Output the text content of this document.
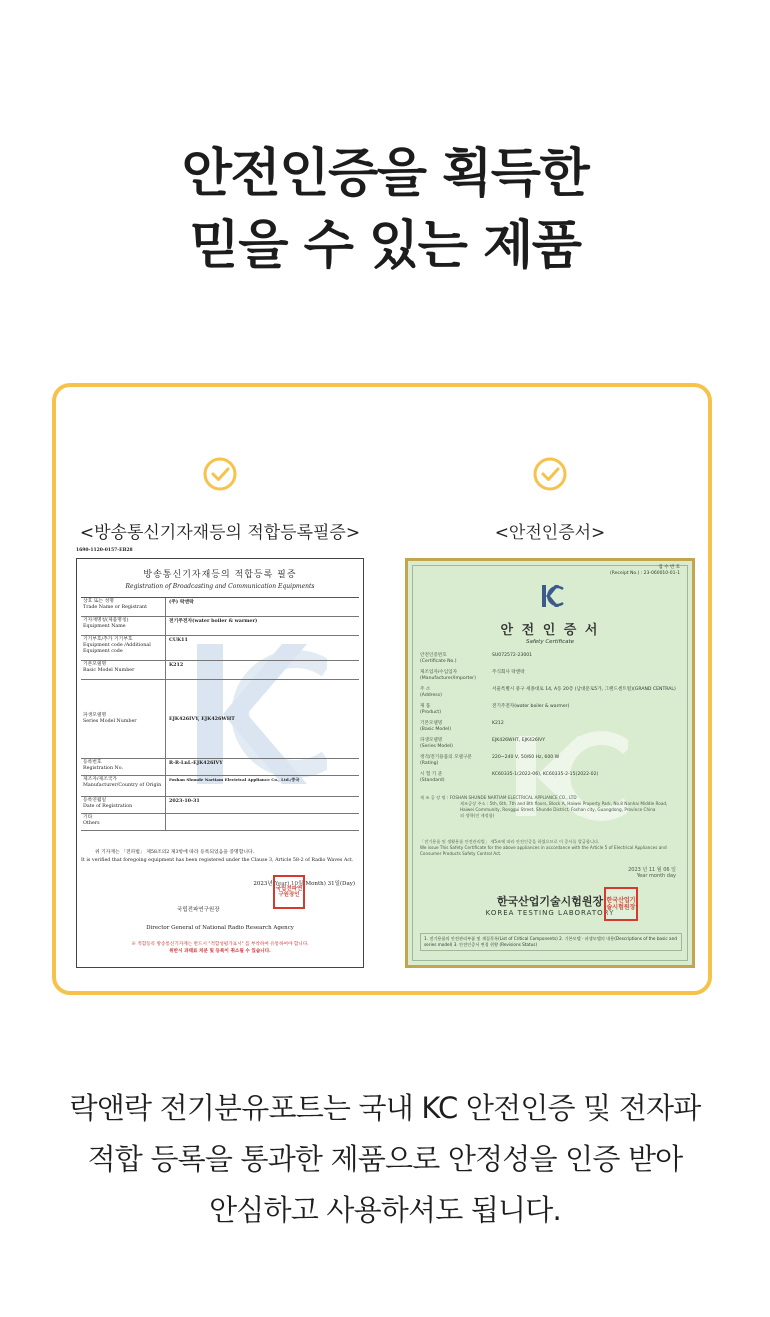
안전인증을 획득한
믿을 수 있는 제품
<방송통신기자재등의 적합등록필증>	<안전인증서>
1690-1120-0157-EB28
방송통신기자재등의 적합등록 필증
Registration of Broadcasting and Communication Equipments
상호 또는 성명
Trade Name or Registrant
(주) 락앤락
기자재명칭(제품명칭)
Equipment Name
전기주전자(water boiler & warmer)
기기부호/추가 기기부호
Equipment code /Additional Equipment code
CUK11
기본모델명
Basic Model Number
K212
파생모델명
Series Model Number	EJK426IVY, EJK426WHT
등록번호
Registration No.
R-R-LnL-EJK426IVY
제조자/제조국가
Manufacturer/Country of Origin
Foshan Shunde Nartiam Electrical Appliance Co., Ltd./중국
등록연월일
Date of Registration
2023-10-31
기타
Others
위 기자재는 「전파법」 제58조의2 제3항에 따라 등록되었음을 증명합니다.
It is verified that foregoing equipment has been registered under the Clause 3, Article 58-2 of Radio Waves Act.
2023년(Year) 10월(Month) 31일(Day)
국립전파연구원장
국립전파연구원장인
Director General of National Radio Research Agency
※ 적합등록 방송통신기자재는 반드시 "적합성평가표시" 를 부착하여 유통하여야 합니다.
위반시 과태료 처분 및 등록이 취소될 수 있습니다.
접 수 번 호
(Receipt No.) : 23-060010-01-1
안 전 인 증 서
Safety Certificate
안전인증번호
(Certificate No.)
SU072572-23001
제조업자/수입업자
(Manufacturer/Importer)
주식회사 락앤락
주 소
(Address)
서울특별시 중구 세종대로 14, A동 20층 (남대문로5가, 그랜드센트럴)(GRAND CENTRAL)
제 품
(Product)
전기주전자(water boiler & warmer)
기본모델명
(Basic Model)
K212
파생모델명
(Series Model)
EJK426WHT, EJK426IVY
정격/전기용품의 모델구분
(Rating)
220~240 V, 50/60 Hz, 600 W
시 험 기 준
(Standard)
KC60335-1(2022-06), KC60335-2-15(2022-02)
제 조 공 장 명 : FOSHAN SHUNDE NARTIAM ELECTRICAL APPLIANCE CO., LTD
제조공장 주소 : 5th, 6th, 7th and 8th floors, Block A, Haiwei Property Park, No.8 Nanhai Middle Road, Haiwei Community, Ronggui Street, Shunde District, Foshan city, Guangdong, Province China
외 생략(전 제정함)
「전기용품 및 생활용품 안전관리법」 제5조에 따라 안전인증을 하였으므로 이 증서를 발급합니다.
We issue This Safety Certificate for the above appliances in accordance with the Article 5 of Electrical Appliances and Consumer Products Safety Control Act.
2023 년 11 월 06 일
Year month day
한국산업기술시험원장
KOREA TESTING LABORATORY
한국산업기술시험원장
1. 전기용품의 안전관리부품 및 재질목록(List of Critical Components) 2. 기본모델 · 파생모델의 내용(Descriptions of the basic and series model) 3. 안전인증서 변경 현황 (Revisions Status)
락앤락 전기분유포트는 국내 KC 안전인증 및 전자파
적합 등록을 통과한 제품으로 안정성을 인증 받아
안심하고 사용하셔도 됩니다.
